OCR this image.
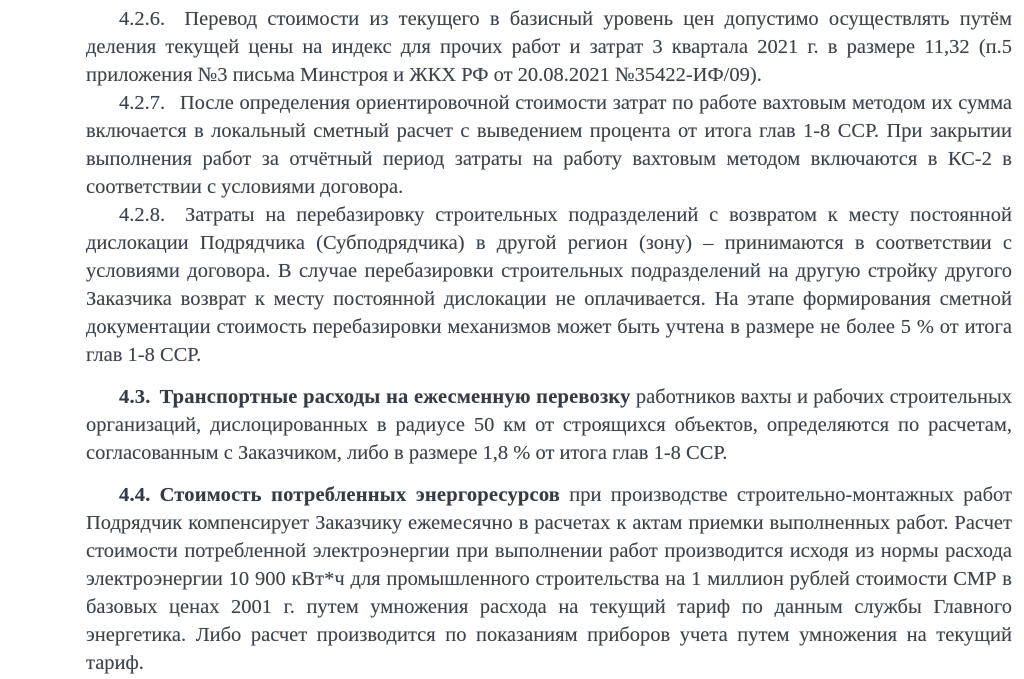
4.2.6. Перевод стоимости из текущего в базисный уровень цен допустимо осуществлять путём деления текущей цены на индекс для прочих работ и затрат 3 квартала 2021 г. в размере 11,32 (п.5 приложения №3 письма Минстроя и ЖКХ РФ от 20.08.2021 №35422-ИФ/09).

4.2.7. После определения ориентировочной стоимости затрат по работе вахтовым методом их сумма включается в локальный сметный расчет с выведением процента от итога глав 1-8 ССР. При закрытии выполнения работ за отчётный период затраты на работу вахтовым методом включаются в КС-2 в соответствии с условиями договора.

4.2.8. Затраты на перебазировку строительных подразделений с возвратом к месту постоянной дислокации Подрядчика (Субподрядчика) в другой регион (зону) – принимаются в соответствии с условиями договора. В случае перебазировки строительных подразделений на другую стройку другого Заказчика возврат к месту постоянной дислокации не оплачивается. На этапе формирования сметной документации стоимость перебазировки механизмов может быть учтена в размере не более 5 % от итога глав 1-8 ССР.

4.3. Транспортные расходы на ежесменную перевозку работников вахты и рабочих строительных организаций, дислоцированных в радиусе 50 км от строящихся объектов, определяются по расчетам, согласованным с Заказчиком, либо в размере 1,8 % от итога глав 1-8 ССР.

4.4. Стоимость потребленных энергоресурсов при производстве строительно-монтажных работ Подрядчик компенсирует Заказчику ежемесячно в расчетах к актам приемки выполненных работ. Расчет стоимости потребленной электроэнергии при выполнении работ производится исходя из нормы расхода электроэнергии 10 900 кВт*ч для промышленного строительства на 1 миллион рублей стоимости СМР в базовых ценах 2001 г. путем умножения расхода на текущий тариф по данным службы Главного энергетика. Либо расчет производится по показаниям приборов учета путем умножения на текущий тариф.
